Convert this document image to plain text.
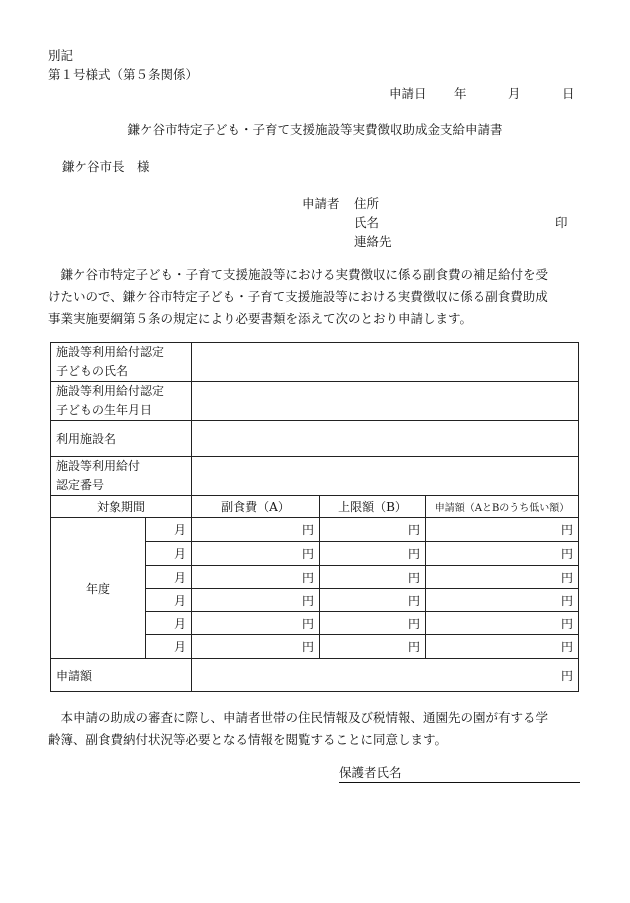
別記
第１号様式（第５条関係）
申請日 年	月	日
鎌ケ谷市特定子ども・子育て支援施設等実費徴収助成金支給申請書
鎌ケ谷市長　様
申請者 住所
氏名	印
連絡先
鎌ケ谷市特定子ども・子育て支援施設等における実費徴収に係る副食費の補足給付を受
けたいので、鎌ケ谷市特定子ども・子育て支援施設等における実費徴収に係る副食費助成
事業実施要綱第５条の規定により必要書類を添えて次のとおり申請します。
施設等利用給付認定
子どもの氏名				
施設等利用給付認定
子どもの生年月日				
利用施設名				
施設等利用給付
認定番号				
対象期間		副食費（A）	上限額（B）	申請額（AとBのうち低い額）
年度	月	円	円	円
	月	円	円	円
	月	円	円	円
	月	円	円	円
	月	円	円	円
	月	円	円	円
申請額		円		
本申請の助成の審査に際し、申請者世帯の住民情報及び税情報、通園先の園が有する学
齢簿、副食費納付状況等必要となる情報を閲覧することに同意します。
保護者氏名
